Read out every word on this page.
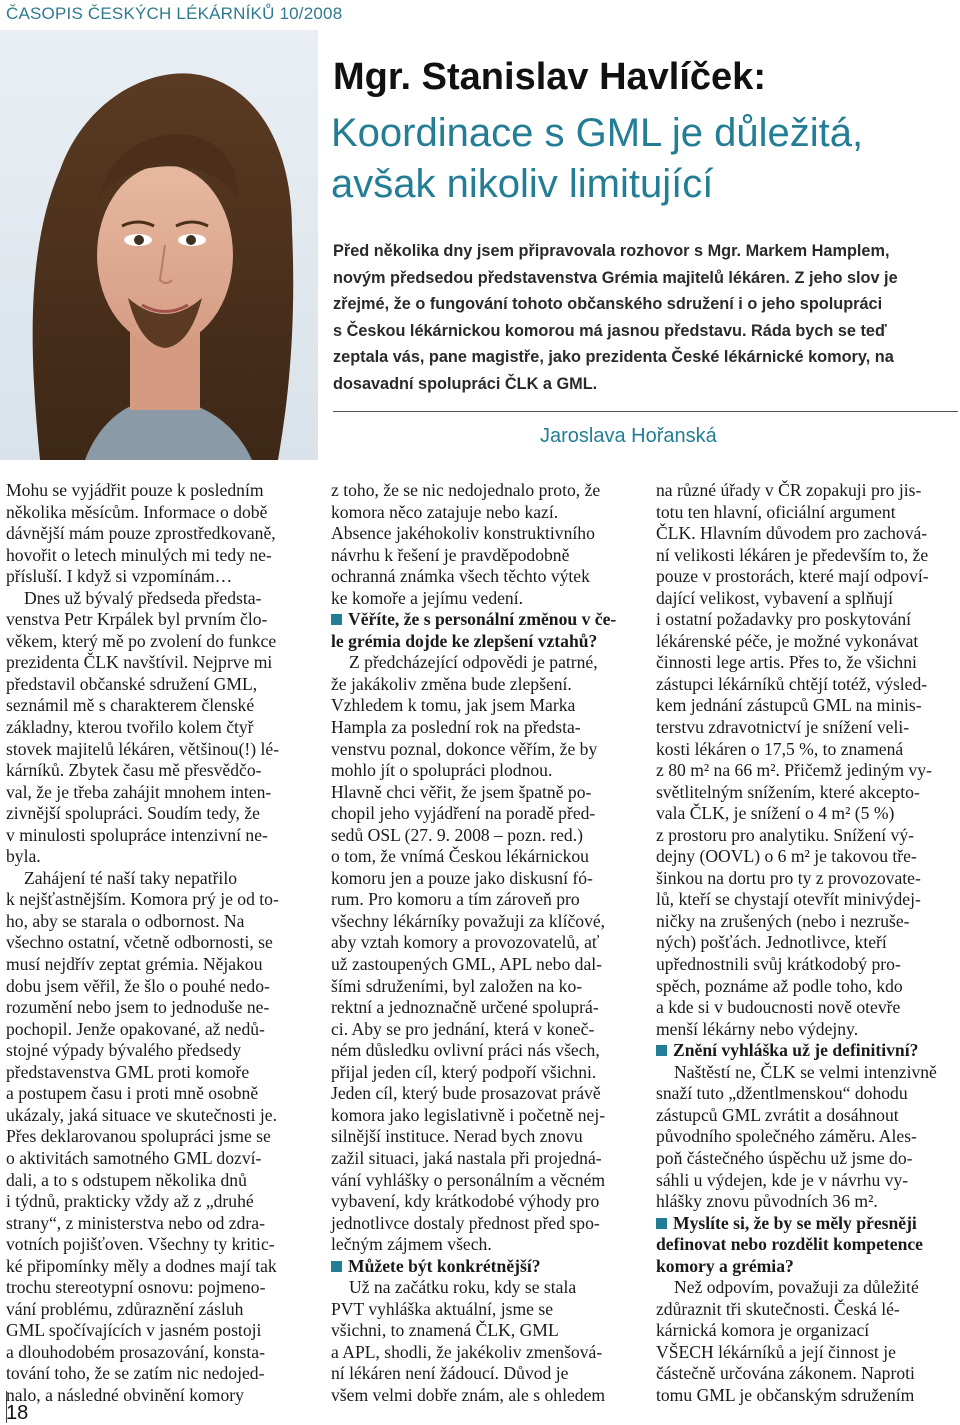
ČASOPIS ČESKÝCH LÉKÁRNÍKŮ 10/2008
Mgr. Stanislav Havlíček:
Koordinace s GML je důležitá,
avšak nikoliv limitující
Před několika dny jsem připravovala rozhovor s Mgr. Markem Hamplem,
novým předsedou představenstva Grémia majitelů lékáren. Z jeho slov je
zřejmé, že o fungování tohoto občanského sdružení i o jeho spolupráci
s Českou lékárnickou komorou má jasnou představu. Ráda bych se teď
zeptala vás, pane magistře, jako prezidenta České lékárnické komory, na
dosavadní spolupráci ČLK a GML.
Jaroslava Hořanská
Mohu se vyjádřit pouze k posledním
několika měsícům. Informace o době
dávnější mám pouze zprostředkovaně,
hovořit o letech minulých mi tedy ne-
přísluší. I když si vzpomínám…
Dnes už bývalý předseda předsta-
venstva Petr Krpálek byl prvním člo-
věkem, který mě po zvolení do funkce
prezidenta ČLK navštívil. Nejprve mi
představil občanské sdružení GML,
seznámil mě s charakterem členské
základny, kterou tvořilo kolem čtyř
stovek majitelů lékáren, většinou(!) lé-
kárníků. Zbytek času mě přesvědčo-
val, že je třeba zahájit mnohem inten-
zivnější spolupráci. Soudím tedy, že
v minulosti spolupráce intenzivní ne-
byla.
Zahájení té naší taky nepatřilo
k nejšťastnějším. Komora prý je od to-
ho, aby se starala o odbornost. Na
všechno ostatní, včetně odbornosti, se
musí nejdřív zeptat grémia. Nějakou
dobu jsem věřil, že šlo o pouhé nedo-
rozumění nebo jsem to jednoduše ne-
pochopil. Jenže opakované, až nedů-
stojné výpady bývalého předsedy
představenstva GML proti komoře
a postupem času i proti mně osobně
ukázaly, jaká situace ve skutečnosti je.
Přes deklarovanou spolupráci jsme se
o aktivitách samotného GML dozví-
dali, a to s odstupem několika dnů
i týdnů, prakticky vždy až z „druhé
strany“, z ministerstva nebo od zdra-
votních pojišťoven. Všechny ty kritic-
ké připomínky měly a dodnes mají tak
trochu stereotypní osnovu: pojmeno-
vání problému, zdůraznění zásluh
GML spočívajících v jasném postoji
a dlouhodobém prosazování, konsta-
tování toho, že se zatím nic nedojed-
nalo, a následné obvinění komory
z toho, že se nic nedojednalo proto, že
komora něco zatajuje nebo kazí.
Absence jakéhokoliv konstruktivního
návrhu k řešení je pravděpodobně
ochranná známka všech těchto výtek
ke komoře a jejímu vedení.
Věříte, že s personální změnou v če-
le grémia dojde ke zlepšení vztahů?
Z předcházející odpovědi je patrné,
že jakákoliv změna bude zlepšení.
Vzhledem k tomu, jak jsem Marka
Hampla za poslední rok na předsta-
venstvu poznal, dokonce věřím, že by
mohlo jít o spolupráci plodnou.
Hlavně chci věřit, že jsem špatně po-
chopil jeho vyjádření na poradě před-
sedů OSL (27. 9. 2008 – pozn. red.)
o tom, že vnímá Českou lékárnickou
komoru jen a pouze jako diskusní fó-
rum. Pro komoru a tím zároveň pro
všechny lékárníky považuji za klíčové,
aby vztah komory a provozovatelů, ať
už zastoupených GML, APL nebo dal-
šími sdruženími, byl založen na ko-
rektní a jednoznačně určené spoluprá-
ci. Aby se pro jednání, která v koneč-
ném důsledku ovlivní práci nás všech,
přijal jeden cíl, který podpoří všichni.
Jeden cíl, který bude prosazovat právě
komora jako legislativně i početně nej-
silnější instituce. Nerad bych znovu
zažil situaci, jaká nastala při projedná-
vání vyhlášky o personálním a věcném
vybavení, kdy krátkodobé výhody pro
jednotlivce dostaly přednost před spo-
lečným zájmem všech.
Můžete být konkrétnější?
Už na začátku roku, kdy se stala
PVT vyhláška aktuální, jsme se
všichni, to znamená ČLK, GML
a APL, shodli, že jakékoliv zmenšová-
ní lékáren není žádoucí. Důvod je
všem velmi dobře znám, ale s ohledem
na různé úřady v ČR zopakuji pro jis-
totu ten hlavní, oficiální argument
ČLK. Hlavním důvodem pro zachová-
ní velikosti lékáren je především to, že
pouze v prostorách, které mají odpoví-
dající velikost, vybavení a splňují
i ostatní požadavky pro poskytování
lékárenské péče, je možné vykonávat
činnosti lege artis. Přes to, že všichni
zástupci lékárníků chtějí totéž, výsled-
kem jednání zástupců GML na minis-
terstvu zdravotnictví je snížení veli-
kosti lékáren o 17,5 %, to znamená
z 80 m² na 66 m². Přičemž jediným vy-
světlitelným snížením, které akcepto-
vala ČLK, je snížení o 4 m² (5 %)
z prostoru pro analytiku. Snížení vý-
dejny (OOVL) o 6 m² je takovou tře-
šinkou na dortu pro ty z provozovate-
lů, kteří se chystají otevřít minivýdej-
ničky na zrušených (nebo i nezruše-
ných) pošťách. Jednotlivce, kteří
upřednostnili svůj krátkodobý pro-
spěch, poznáme až podle toho, kdo
a kde si v budoucnosti nově otevře
menší lékárny nebo výdejny.
Znění vyhláška už je definitivní?
Naštěstí ne, ČLK se velmi intenzivně
snaží tuto „džentlmenskou“ dohodu
zástupců GML zvrátit a dosáhnout
původního společného záměru. Ales-
poň částečného úspěchu už jsme do-
sáhli u výdejen, kde je v návrhu vy-
hlášky znovu původních 36 m².
Myslíte si, že by se měly přesněji
definovat nebo rozdělit kompetence
komory a grémia?
Než odpovím, považuji za důležité
zdůraznit tři skutečnosti. Česká lé-
kárnická komora je organizací
VŠECH lékárníků a její činnost je
částečně určována zákonem. Naproti
tomu GML je občanským sdružením
18
